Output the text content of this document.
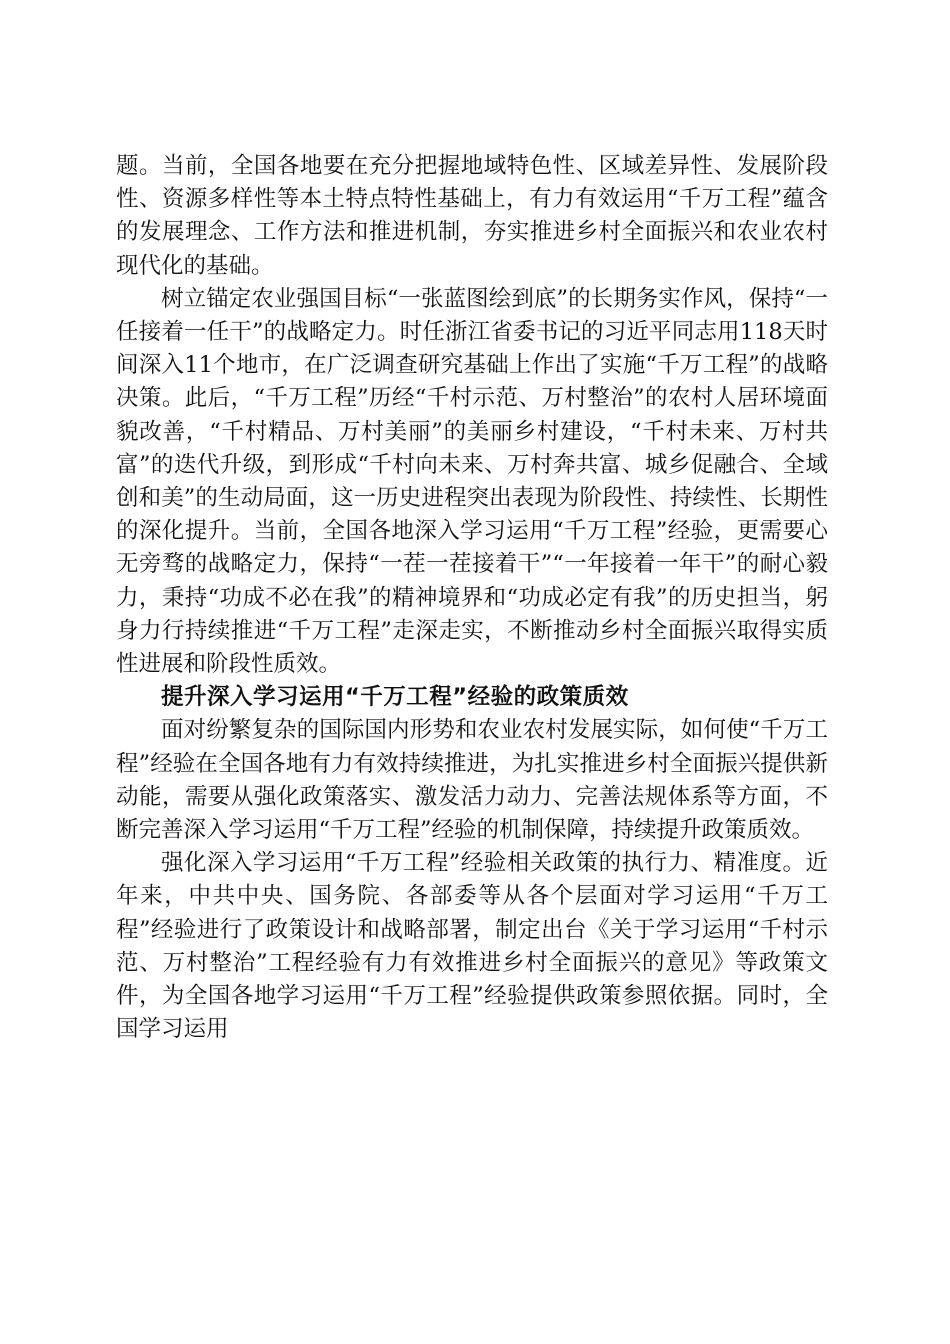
题。当前，全国各地要在充分把握地域特色性、区域差异性、发展阶段性、资源多样性等本土特点特性基础上，有力有效运用“千万工程”蕴含的发展理念、工作方法和推进机制，夯实推进乡村全面振兴和农业农村现代化的基础。

树立锚定农业强国目标“一张蓝图绘到底”的长期务实作风，保持“一任接着一任干”的战略定力。时任浙江省委书记的习近平同志用118天时间深入11个地市，在广泛调查研究基础上作出了实施“千万工程”的战略决策。此后，“千万工程”历经“千村示范、万村整治”的农村人居环境面貌改善，“千村精品、万村美丽”的美丽乡村建设，“千村未来、万村共富”的迭代升级，到形成“千村向未来、万村奔共富、城乡促融合、全域创和美”的生动局面，这一历史进程突出表现为阶段性、持续性、长期性的深化提升。当前，全国各地深入学习运用“千万工程”经验，更需要心无旁骛的战略定力，保持“一茬一茬接着干”“一年接着一年干”的耐心毅力，秉持“功成不必在我”的精神境界和“功成必定有我”的历史担当，躬身力行持续推进“千万工程”走深走实，不断推动乡村全面振兴取得实质性进展和阶段性质效。

提升深入学习运用“千万工程”经验的政策质效

面对纷繁复杂的国际国内形势和农业农村发展实际，如何使“千万工程”经验在全国各地有力有效持续推进，为扎实推进乡村全面振兴提供新动能，需要从强化政策落实、激发活力动力、完善法规体系等方面，不断完善深入学习运用“千万工程”经验的机制保障，持续提升政策质效。

强化深入学习运用“千万工程”经验相关政策的执行力、精准度。近年来，中共中央、国务院、各部委等从各个层面对学习运用“千万工程”经验进行了政策设计和战略部署，制定出台《关于学习运用“千村示范、万村整治”工程经验有力有效推进乡村全面振兴的意见》等政策文件，为全国各地学习运用“千万工程”经验提供政策参照依据。同时，全国学习运用
